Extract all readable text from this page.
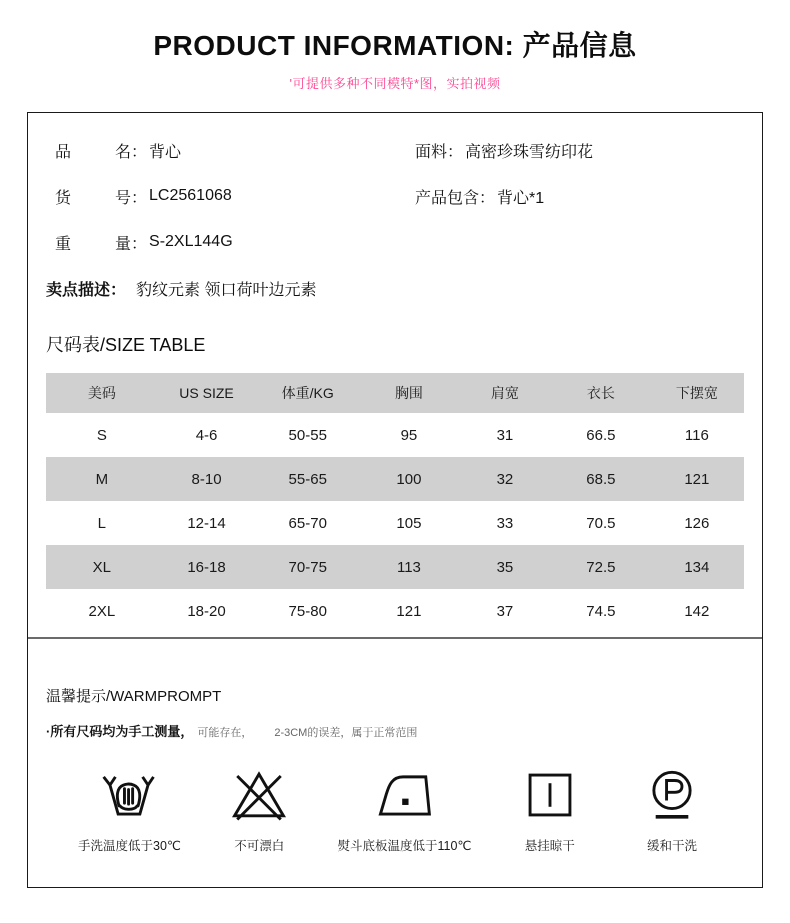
PRODUCT INFORMATION: 产品信息
'可提供多种不同模特*图，实拍视频
品	名： 背心	面料： 高密珍珠雪纺印花
货	号： LC2561068	产品包含： 背心*1
重	量： S-2XL144G
卖点描述： 豹纹元素 领口荷叶边元素
尺码表/SIZE TABLE
美码	US SIZE	体重/KG	胸围	肩宽	衣长	下摆宽
S	4-6	50-55	95	31	66.5	116
M	8-10	55-65	100	32	68.5	121
L	12-14	65-70	105	33	70.5	126
XL	16-18	70-75	113	35	72.5	134
2XL	18-20	75-80	121	37	74.5	142
温馨提示/WARMPROMPT
·所有尺码均为手工测量， 可能存在， 2-3CM的误差，属于正常范围
手洗温度低于30℃	不可漂白	熨斗底板温度低于110℃	悬挂晾干	缓和干洗
